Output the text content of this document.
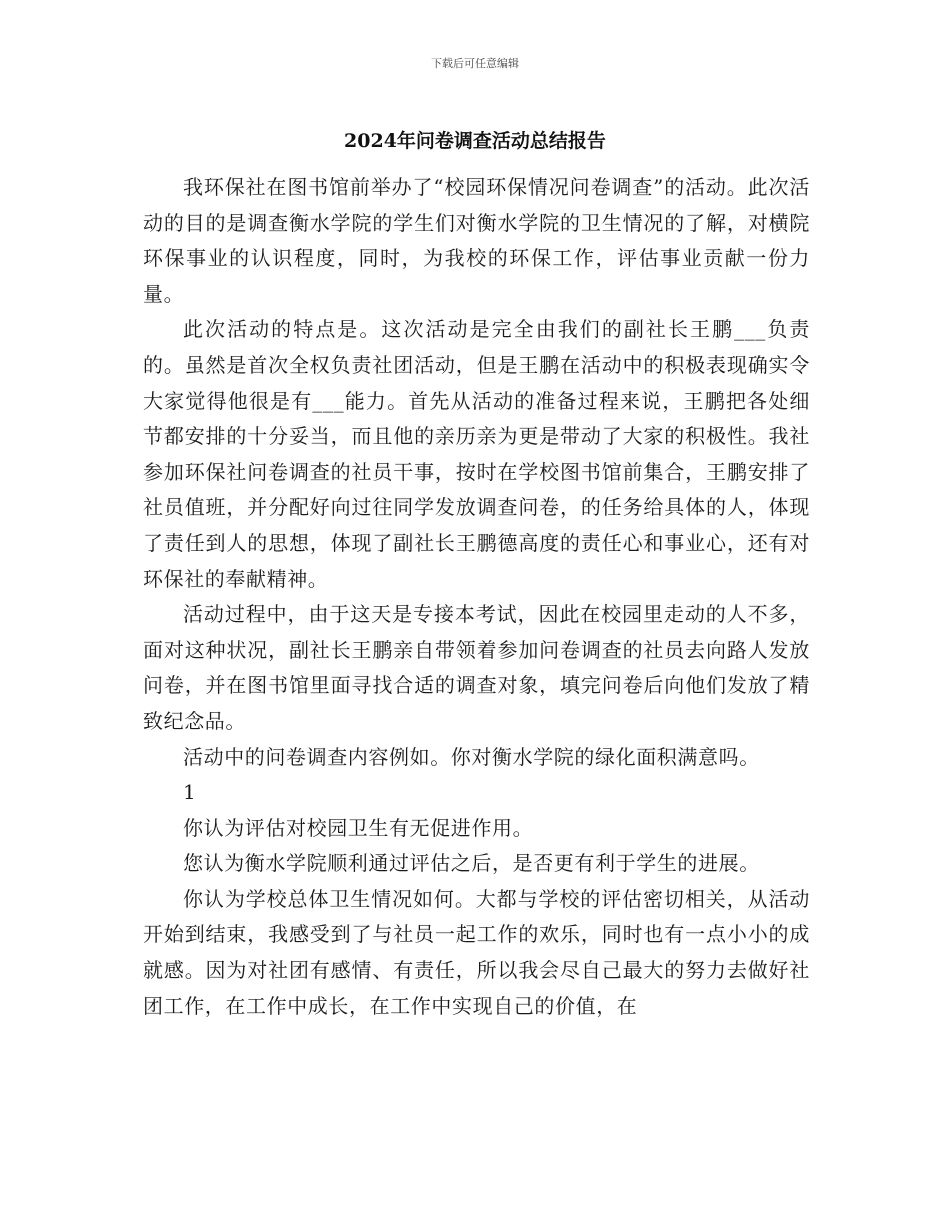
下载后可任意编辑
2024年问卷调查活动总结报告

我环保社在图书馆前举办了“校园环保情况问卷调查”的活动。此次活动的目的是调查衡水学院的学生们对衡水学院的卫生情况的了解，对横院环保事业的认识程度，同时，为我校的环保工作，评估事业贡献一份力量。

此次活动的特点是。这次活动是完全由我们的副社长王鹏___负责的。虽然是首次全权负责社团活动，但是王鹏在活动中的积极表现确实令大家觉得他很是有___能力。首先从活动的准备过程来说，王鹏把各处细节都安排的十分妥当，而且他的亲历亲为更是带动了大家的积极性。我社参加环保社问卷调查的社员干事，按时在学校图书馆前集合，王鹏安排了社员值班，并分配好向过往同学发放调查问卷，的任务给具体的人，体现了责任到人的思想，体现了副社长王鹏德高度的责任心和事业心，还有对环保社的奉献精神。

活动过程中，由于这天是专接本考试，因此在校园里走动的人不多，面对这种状况，副社长王鹏亲自带领着参加问卷调查的社员去向路人发放问卷，并在图书馆里面寻找合适的调查对象，填完问卷后向他们发放了精致纪念品。

活动中的问卷调查内容例如。你对衡水学院的绿化面积满意吗。

1

你认为评估对校园卫生有无促进作用。

您认为衡水学院顺利通过评估之后，是否更有利于学生的进展。

你认为学校总体卫生情况如何。大都与学校的评估密切相关，从活动开始到结束，我感受到了与社员一起工作的欢乐，同时也有一点小小的成就感。因为对社团有感情、有责任，所以我会尽自己最大的努力去做好社团工作，在工作中成长，在工作中实现自己的价值，在
